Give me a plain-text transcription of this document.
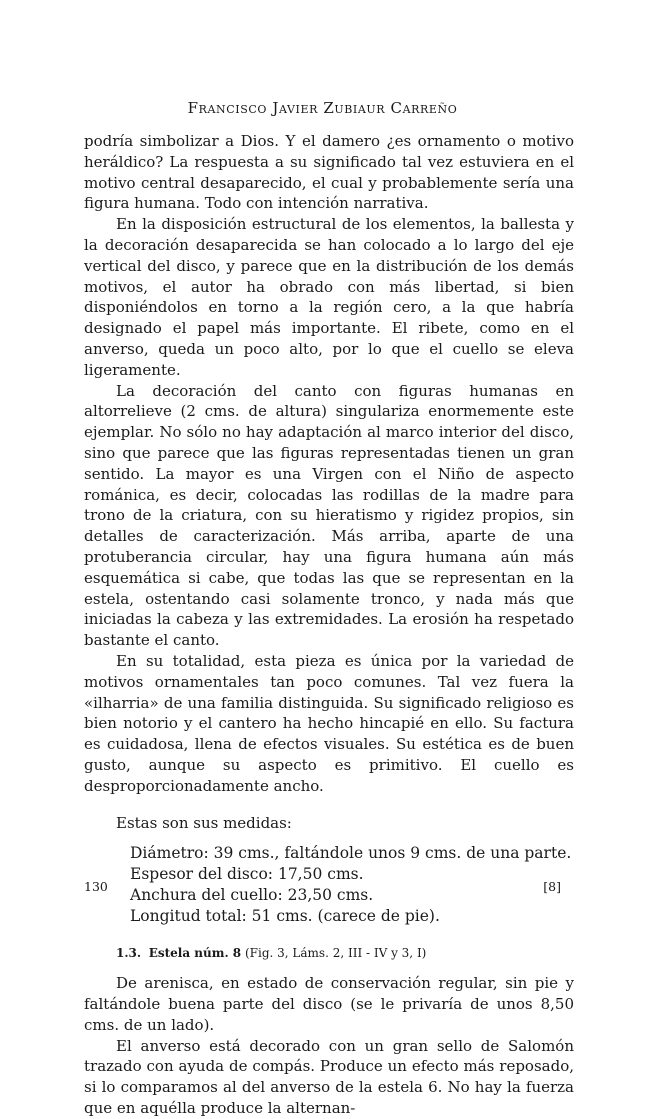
Francisco Javier Zubiaur Carreño

podría simbolizar a Dios. Y el damero ¿es ornamento o motivo heráldico? La respuesta a su significado tal vez estuviera en el motivo central desaparecido, el cual y probablemente sería una figura humana. Todo con intención narrativa.

En la disposición estructural de los elementos, la ballesta y la decoración desaparecida se han colocado a lo largo del eje vertical del disco, y parece que en la distribución de los demás motivos, el autor ha obrado con más libertad, si bien disponiéndolos en torno a la región cero, a la que habría designado el papel más importante. El ribete, como en el anverso, queda un poco alto, por lo que el cuello se eleva ligeramente.

La decoración del canto con figuras humanas en altorrelieve (2 cms. de altura) singulariza enormemente este ejemplar. No sólo no hay adaptación al marco interior del disco, sino que parece que las figuras representadas tienen un gran sentido. La mayor es una Virgen con el Niño de aspecto románica, es decir, colocadas las rodillas de la madre para trono de la criatura, con su hieratismo y rigidez propios, sin detalles de caracterización. Más arriba, aparte de una protuberancia circular, hay una figura humana aún más esquemática si cabe, que todas las que se representan en la estela, ostentando casi solamente tronco, y nada más que iniciadas la cabeza y las extremidades. La erosión ha respetado bastante el canto.

En su totalidad, esta pieza es única por la variedad de motivos ornamentales tan poco comunes. Tal vez fuera la «ilharria» de una familia distinguida. Su significado religioso es bien notorio y el cantero ha hecho hincapié en ello. Su factura es cuidadosa, llena de efectos visuales. Su estética es de buen gusto, aunque su aspecto es primitivo. El cuello es desproporcionadamente ancho.

Estas son sus medidas:

Diámetro: 39 cms., faltándole unos 9 cms. de una parte.
Espesor del disco: 17,50 cms.
Anchura del cuello: 23,50 cms.
Longitud total: 51 cms. (carece de pie).

1.3. Estela núm. 8 (Fig. 3, Láms. 2, III - IV y 3, I)

De arenisca, en estado de conservación regular, sin pie y faltándole buena parte del disco (se le privaría de unos 8,50 cms. de un lado).

El anverso está decorado con un gran sello de Salomón trazado con ayuda de compás. Produce un efecto más reposado, si lo comparamos al del anverso de la estela 6. No hay la fuerza que en aquélla produce la alternan-

130	[8]
